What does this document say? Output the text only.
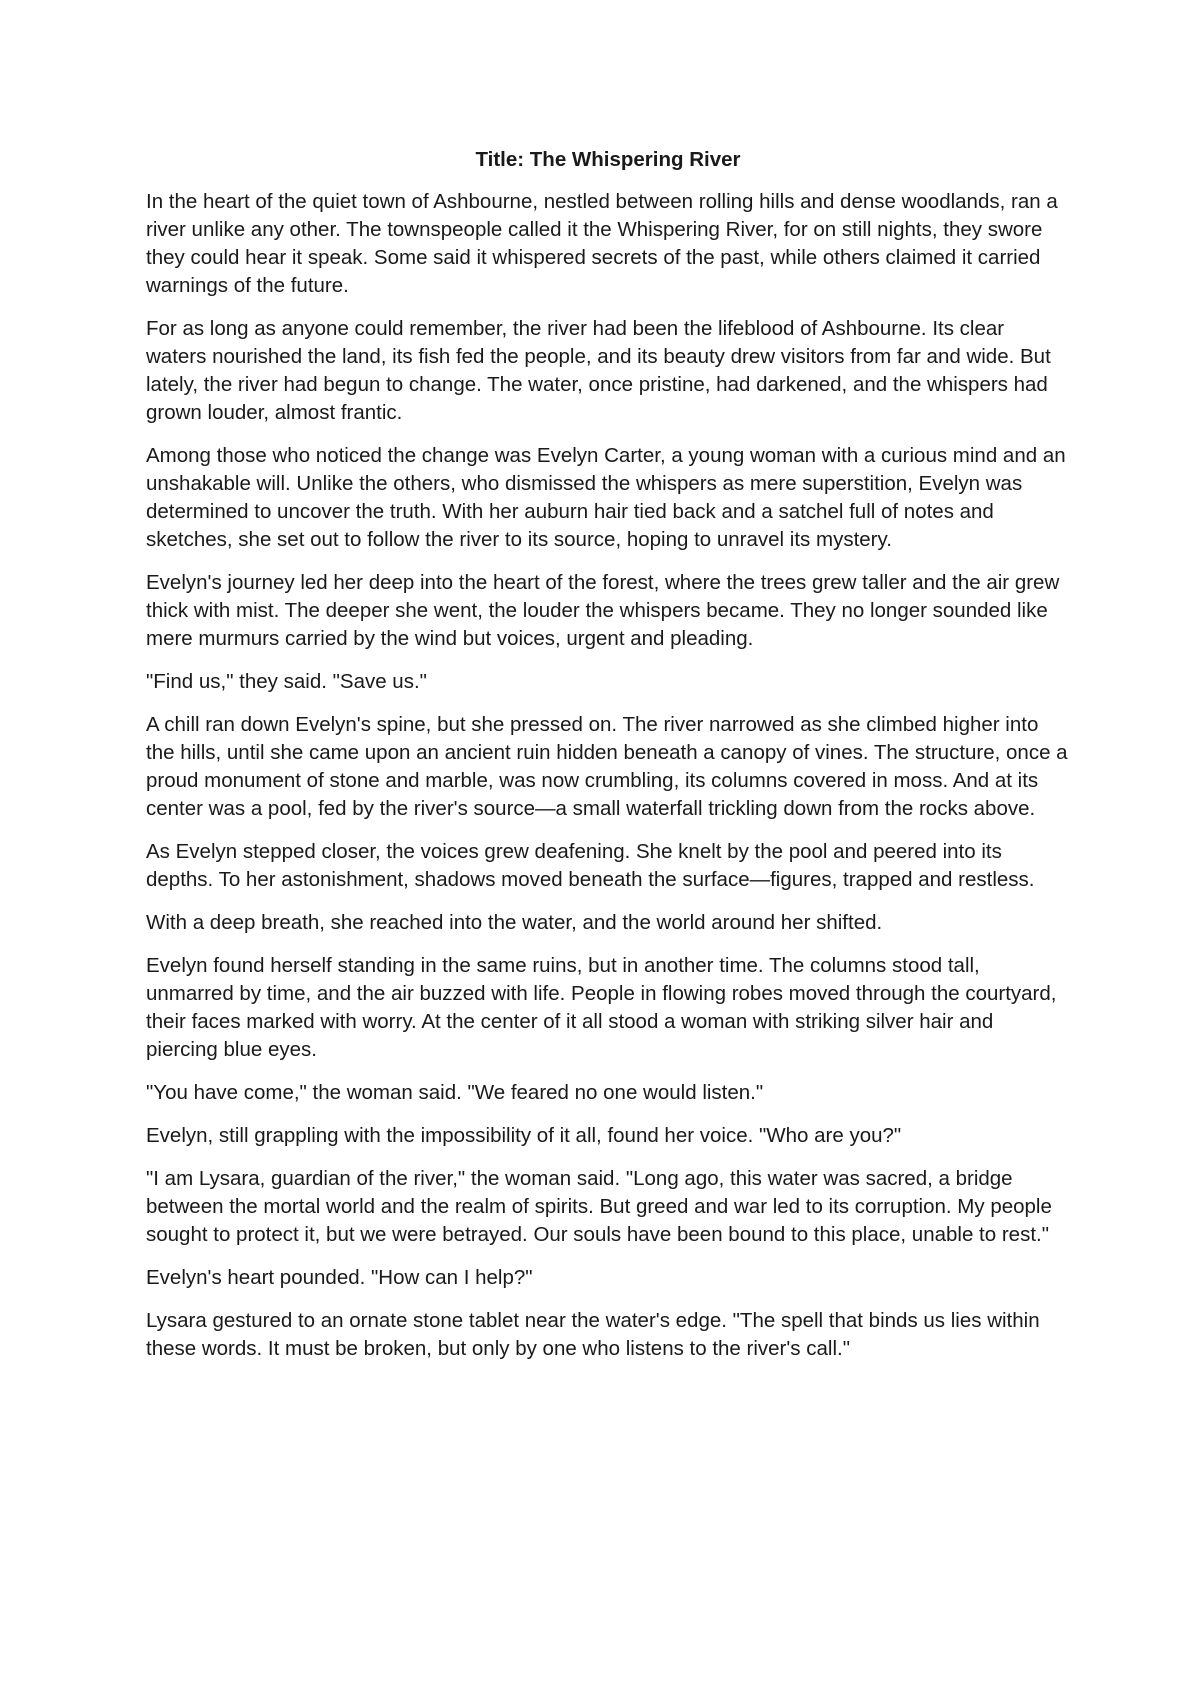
Title: The Whispering River

In the heart of the quiet town of Ashbourne, nestled between rolling hills and dense woodlands, ran a river unlike any other. The townspeople called it the Whispering River, for on still nights, they swore they could hear it speak. Some said it whispered secrets of the past, while others claimed it carried warnings of the future.

For as long as anyone could remember, the river had been the lifeblood of Ashbourne. Its clear waters nourished the land, its fish fed the people, and its beauty drew visitors from far and wide. But lately, the river had begun to change. The water, once pristine, had darkened, and the whispers had grown louder, almost frantic.

Among those who noticed the change was Evelyn Carter, a young woman with a curious mind and an unshakable will. Unlike the others, who dismissed the whispers as mere superstition, Evelyn was determined to uncover the truth. With her auburn hair tied back and a satchel full of notes and sketches, she set out to follow the river to its source, hoping to unravel its mystery.

Evelyn's journey led her deep into the heart of the forest, where the trees grew taller and the air grew thick with mist. The deeper she went, the louder the whispers became. They no longer sounded like mere murmurs carried by the wind but voices, urgent and pleading.

"Find us," they said. "Save us."

A chill ran down Evelyn's spine, but she pressed on. The river narrowed as she climbed higher into the hills, until she came upon an ancient ruin hidden beneath a canopy of vines. The structure, once a proud monument of stone and marble, was now crumbling, its columns covered in moss. And at its center was a pool, fed by the river's source—a small waterfall trickling down from the rocks above.

As Evelyn stepped closer, the voices grew deafening. She knelt by the pool and peered into its depths. To her astonishment, shadows moved beneath the surface—figures, trapped and restless.

With a deep breath, she reached into the water, and the world around her shifted.

Evelyn found herself standing in the same ruins, but in another time. The columns stood tall, unmarred by time, and the air buzzed with life. People in flowing robes moved through the courtyard, their faces marked with worry. At the center of it all stood a woman with striking silver hair and piercing blue eyes.

"You have come," the woman said. "We feared no one would listen."

Evelyn, still grappling with the impossibility of it all, found her voice. "Who are you?"

"I am Lysara, guardian of the river," the woman said. "Long ago, this water was sacred, a bridge between the mortal world and the realm of spirits. But greed and war led to its corruption. My people sought to protect it, but we were betrayed. Our souls have been bound to this place, unable to rest."

Evelyn's heart pounded. "How can I help?"

Lysara gestured to an ornate stone tablet near the water's edge. "The spell that binds us lies within these words. It must be broken, but only by one who listens to the river's call."
